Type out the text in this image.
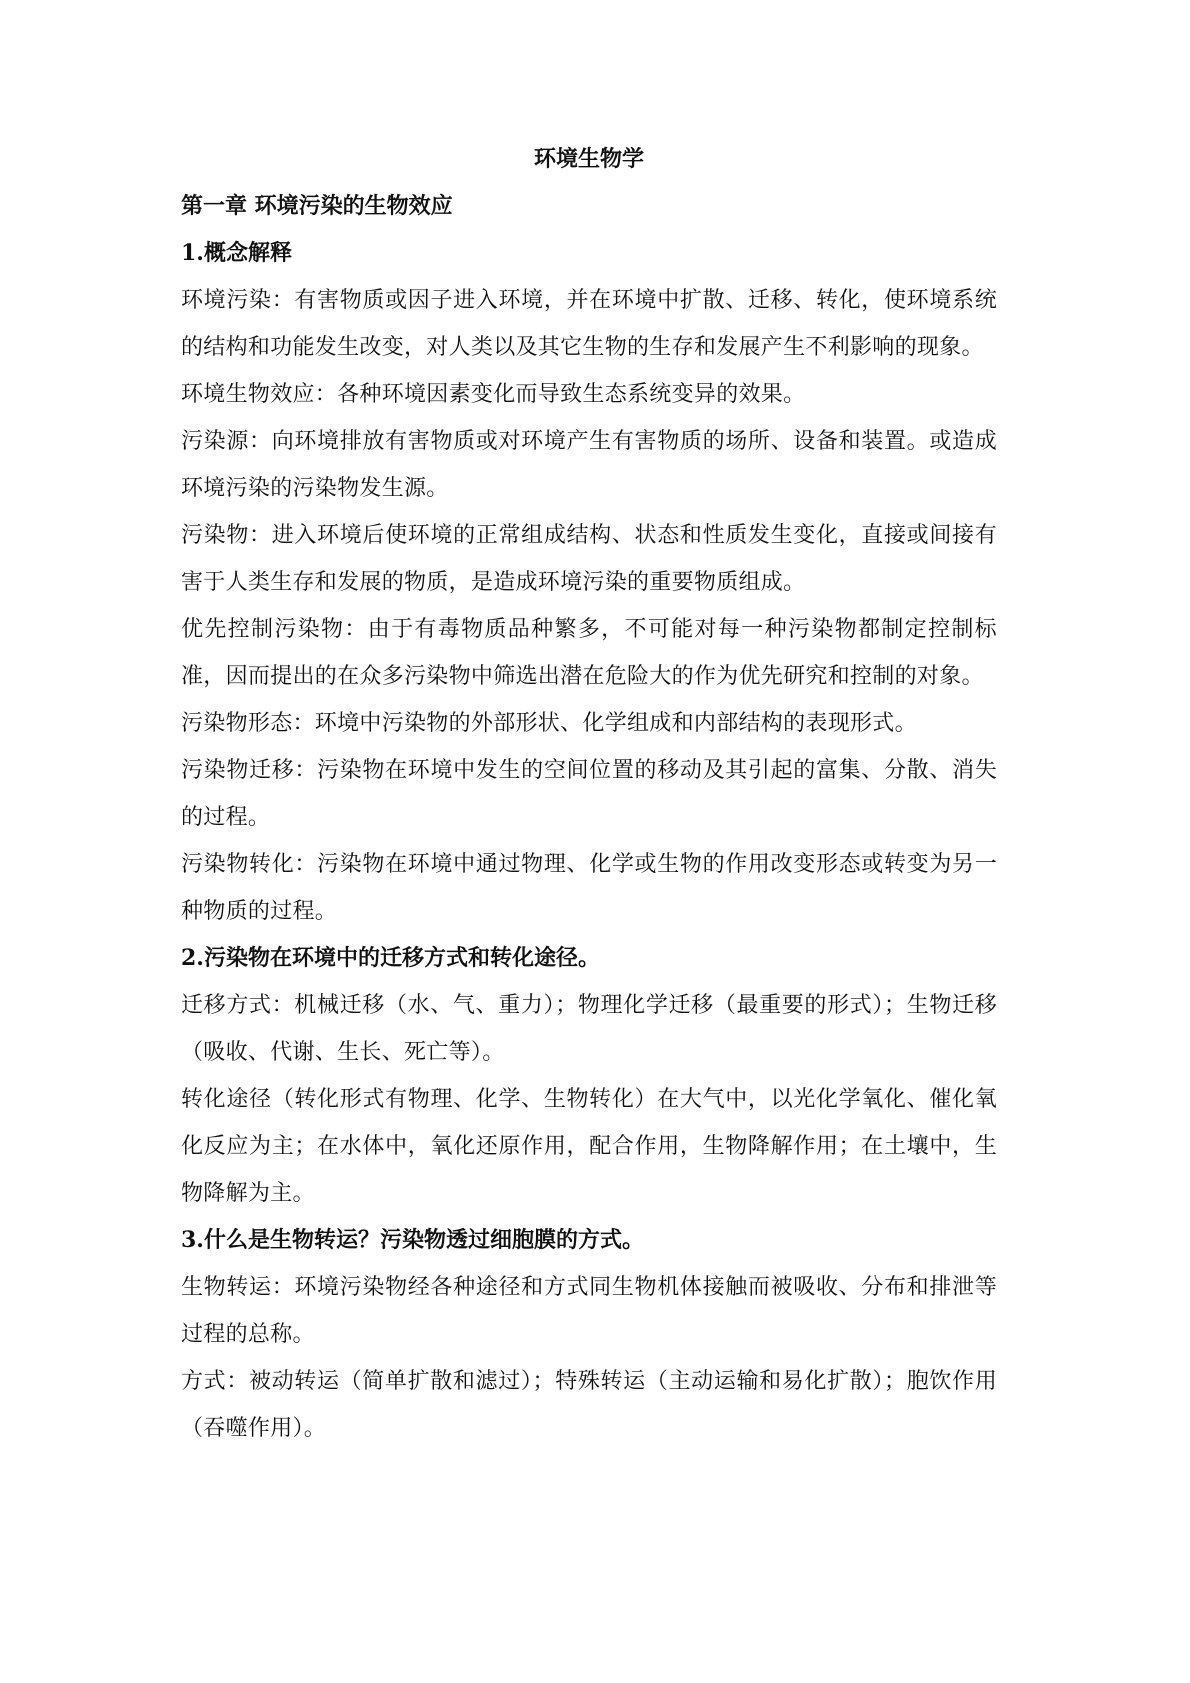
环境生物学
第一章 环境污染的生物效应
1.概念解释

环境污染：有害物质或因子进入环境，并在环境中扩散、迁移、转化，使环境系统的结构和功能发生改变，对人类以及其它生物的生存和发展产生不利影响的现象。

环境生物效应：各种环境因素变化而导致生态系统变异的效果。

污染源：向环境排放有害物质或对环境产生有害物质的场所、设备和装置。或造成环境污染的污染物发生源。

污染物：进入环境后使环境的正常组成结构、状态和性质发生变化，直接或间接有害于人类生存和发展的物质，是造成环境污染的重要物质组成。

优先控制污染物：由于有毒物质品种繁多，不可能对每一种污染物都制定控制标准，因而提出的在众多污染物中筛选出潜在危险大的作为优先研究和控制的对象。

污染物形态：环境中污染物的外部形状、化学组成和内部结构的表现形式。

污染物迁移：污染物在环境中发生的空间位置的移动及其引起的富集、分散、消失的过程。

污染物转化：污染物在环境中通过物理、化学或生物的作用改变形态或转变为另一种物质的过程。

2.污染物在环境中的迁移方式和转化途径。

迁移方式：机械迁移（水、气、重力）；物理化学迁移（最重要的形式）；生物迁移（吸收、代谢、生长、死亡等）。

转化途径（转化形式有物理、化学、生物转化）在大气中，以光化学氧化、催化氧化反应为主；在水体中，氧化还原作用，配合作用，生物降解作用；在土壤中，生物降解为主。

3.什么是生物转运？污染物透过细胞膜的方式。

生物转运：环境污染物经各种途径和方式同生物机体接触而被吸收、分布和排泄等过程的总称。

方式：被动转运（简单扩散和滤过）；特殊转运（主动运输和易化扩散）；胞饮作用（吞噬作用）。
